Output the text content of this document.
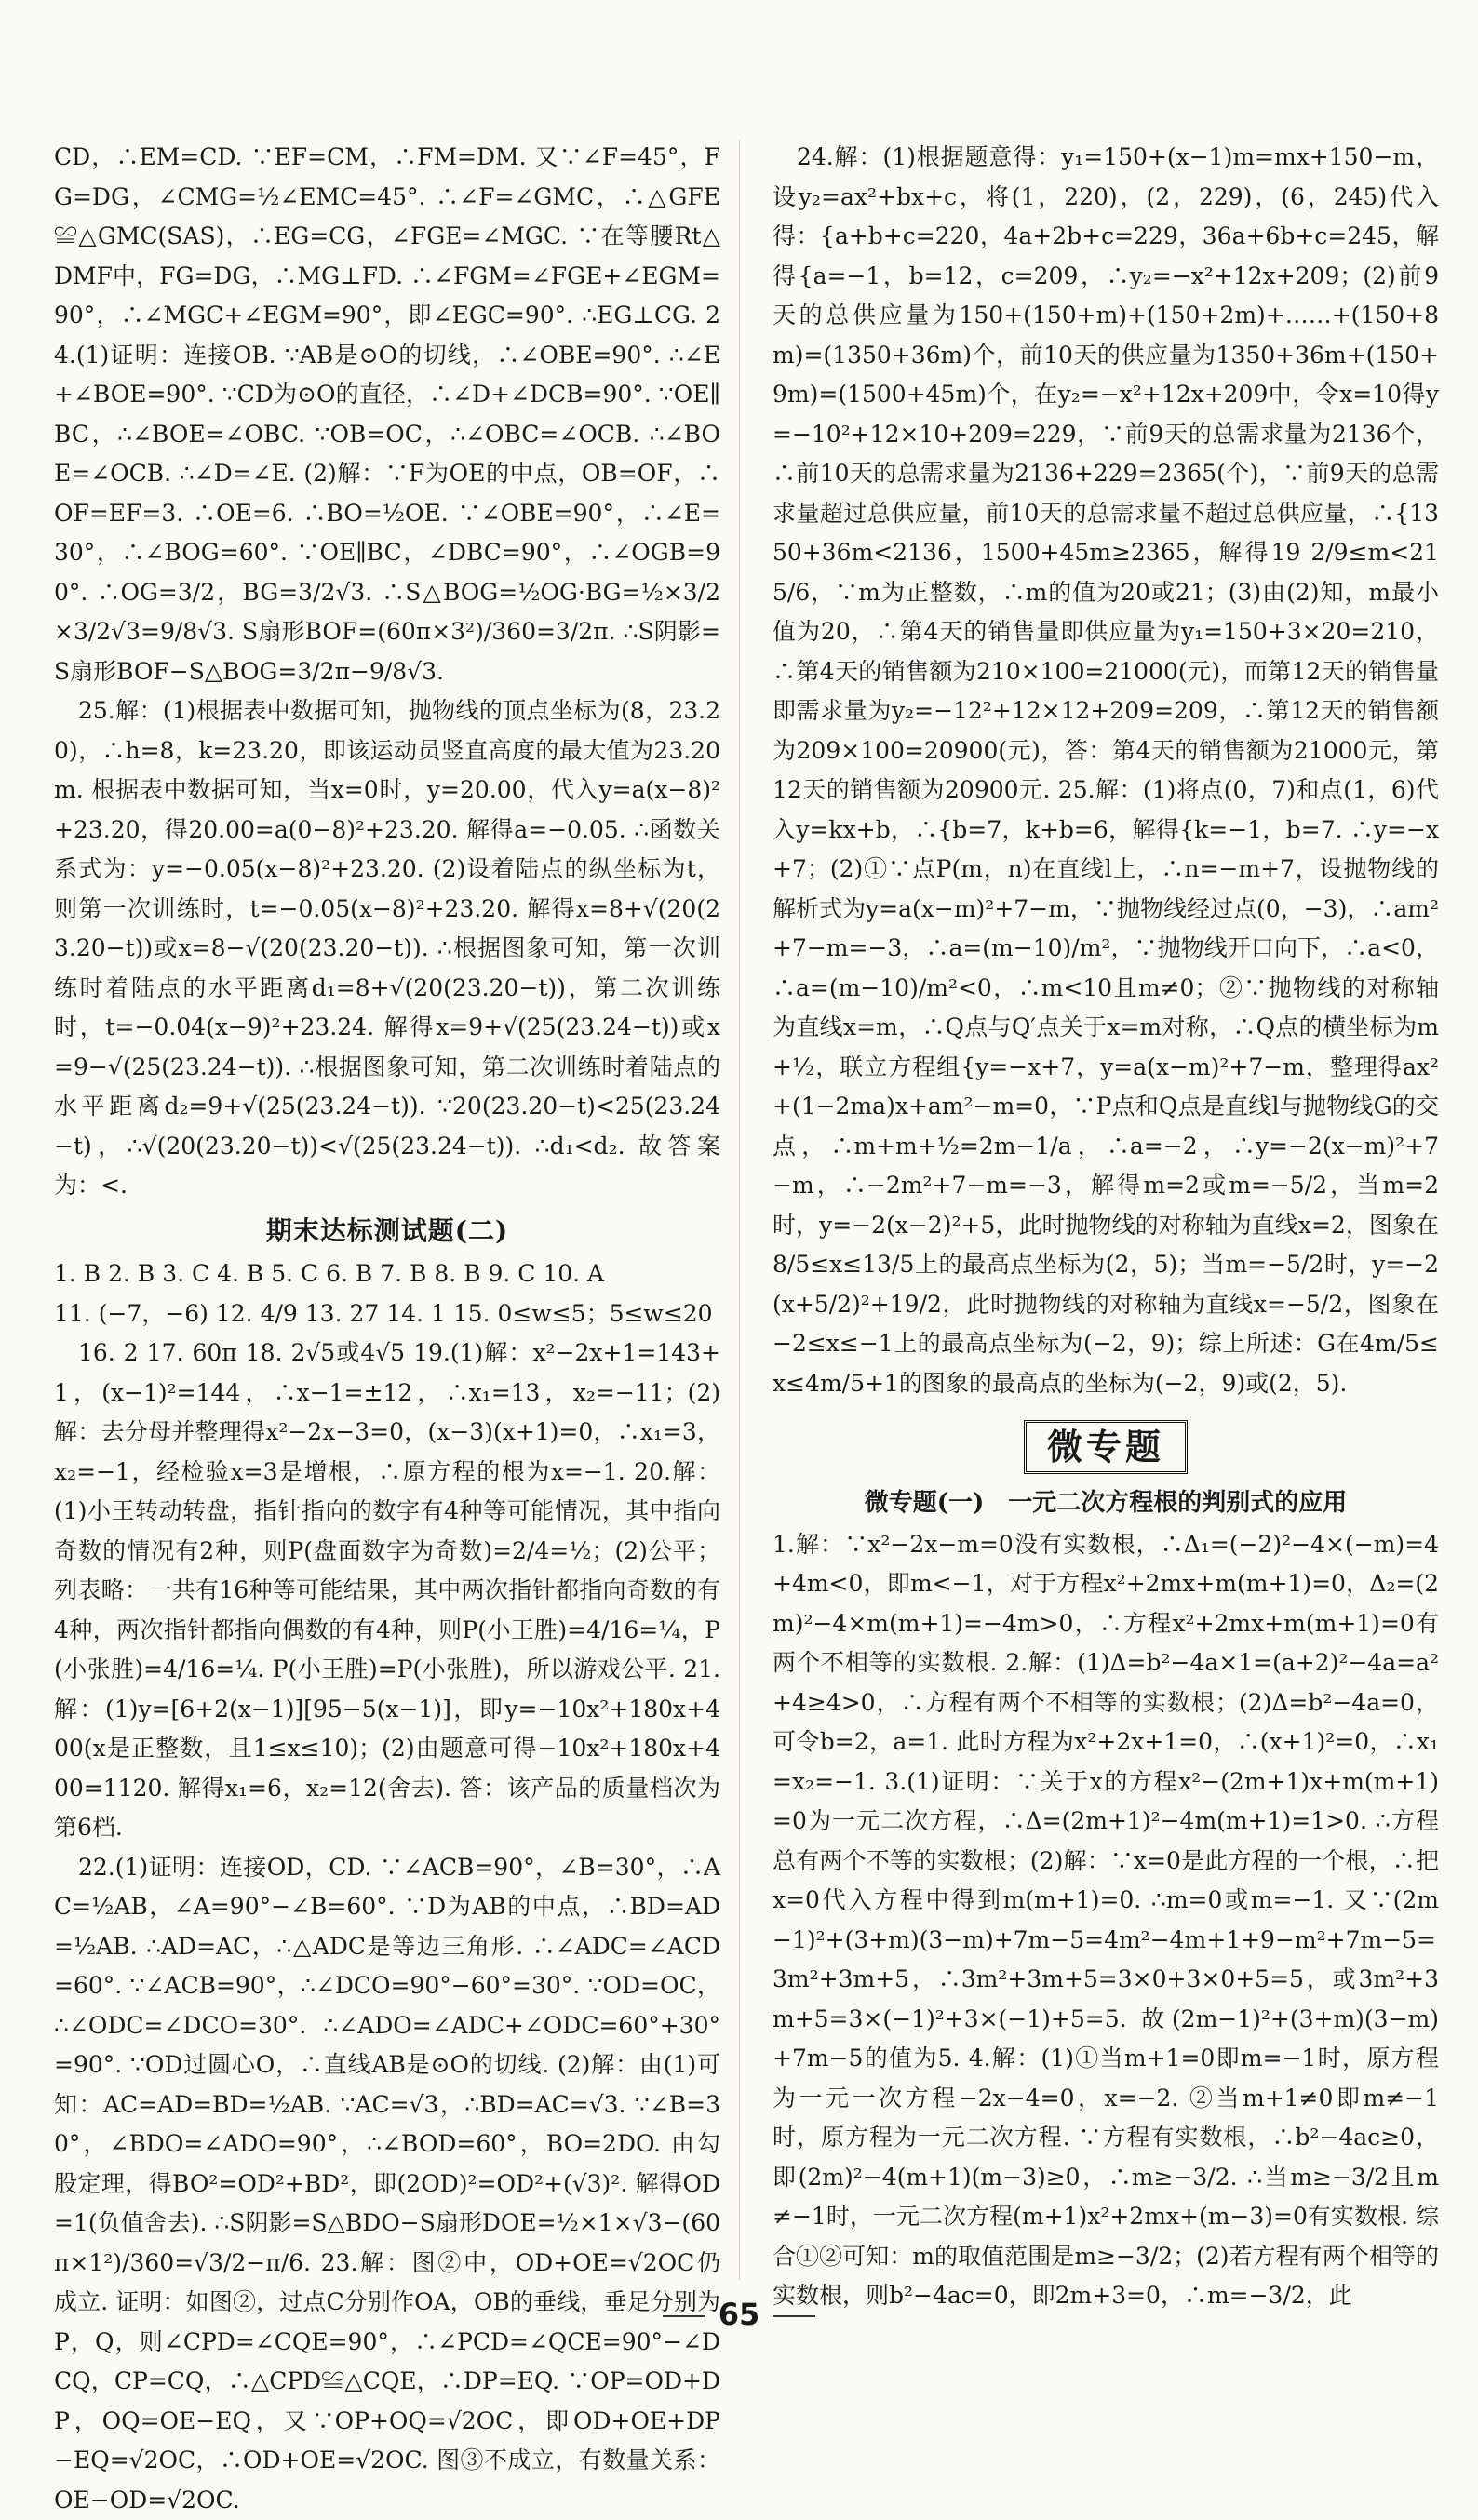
CD，∴EM=CD. ∵EF=CM，∴FM=DM. 又∵∠F=45°，FG=DG，∠CMG=½∠EMC=45°. ∴∠F=∠GMC，∴△GFE≌△GMC(SAS)，∴EG=CG，∠FGE=∠MGC. ∵在等腰Rt△DMF中，FG=DG，∴MG⊥FD. ∴∠FGM=∠FGE+∠EGM=90°，∴∠MGC+∠EGM=90°，即∠EGC=90°. ∴EG⊥CG. 24.(1)证明：连接OB. ∵AB是⊙O的切线，∴∠OBE=90°. ∴∠E+∠BOE=90°. ∵CD为⊙O的直径，∴∠D+∠DCB=90°. ∵OE∥BC，∴∠BOE=∠OBC. ∵OB=OC，∴∠OBC=∠OCB. ∴∠BOE=∠OCB. ∴∠D=∠E. (2)解：∵F为OE的中点，OB=OF，∴OF=EF=3. ∴OE=6. ∴BO=½OE. ∵∠OBE=90°，∴∠E=30°，∴∠BOG=60°. ∵OE∥BC，∠DBC=90°，∴∠OGB=90°. ∴OG=3/2，BG=3/2√3. ∴S△BOG=½OG·BG=½×3/2×3/2√3=9/8√3. S扇形BOF=(60π×3²)/360=3/2π. ∴S阴影=S扇形BOF−S△BOG=3/2π−9/8√3.

25.解：(1)根据表中数据可知，抛物线的顶点坐标为(8，23.20)，∴h=8，k=23.20，即该运动员竖直高度的最大值为23.20 m. 根据表中数据可知，当x=0时，y=20.00，代入y=a(x−8)²+23.20，得20.00=a(0−8)²+23.20. 解得a=−0.05. ∴函数关系式为：y=−0.05(x−8)²+23.20. (2)设着陆点的纵坐标为t，则第一次训练时，t=−0.05(x−8)²+23.20. 解得x=8+√(20(23.20−t))或x=8−√(20(23.20−t)). ∴根据图象可知，第一次训练时着陆点的水平距离d₁=8+√(20(23.20−t))，第二次训练时，t=−0.04(x−9)²+23.24. 解得x=9+√(25(23.24−t))或x=9−√(25(23.24−t)). ∴根据图象可知，第二次训练时着陆点的水平距离d₂=9+√(25(23.24−t)). ∵20(23.20−t)<25(23.24−t)，∴√(20(23.20−t))<√(25(23.24−t)). ∴d₁<d₂. 故答案为：<.

期末达标测试题(二)

1. B 2. B 3. C 4. B 5. C 6. B 7. B 8. B 9. C 10. A

11. (−7，−6) 12. 4/9 13. 27 14. 1 15. 0≤w≤5；5≤w≤20

16. 2 17. 60π 18. 2√5或4√5 19.(1)解：x²−2x+1=143+1，(x−1)²=144，∴x−1=±12，∴x₁=13，x₂=−11；(2)解：去分母并整理得x²−2x−3=0，(x−3)(x+1)=0，∴x₁=3，x₂=−1，经检验x=3是增根，∴原方程的根为x=−1. 20.解：(1)小王转动转盘，指针指向的数字有4种等可能情况，其中指向奇数的情况有2种，则P(盘面数字为奇数)=2/4=½；(2)公平；列表略：一共有16种等可能结果，其中两次指针都指向奇数的有4种，两次指针都指向偶数的有4种，则P(小王胜)=4/16=¼，P(小张胜)=4/16=¼. P(小王胜)=P(小张胜)，所以游戏公平. 21.解：(1)y=[6+2(x−1)][95−5(x−1)]，即y=−10x²+180x+400(x是正整数，且1≤x≤10)；(2)由题意可得−10x²+180x+400=1120. 解得x₁=6，x₂=12(舍去). 答：该产品的质量档次为第6档.

22.(1)证明：连接OD，CD. ∵∠ACB=90°，∠B=30°，∴AC=½AB，∠A=90°−∠B=60°. ∵D为AB的中点，∴BD=AD=½AB. ∴AD=AC，∴△ADC是等边三角形. ∴∠ADC=∠ACD=60°. ∵∠ACB=90°，∴∠DCO=90°−60°=30°. ∵OD=OC，∴∠ODC=∠DCO=30°. ∴∠ADO=∠ADC+∠ODC=60°+30°=90°. ∵OD过圆心O，∴直线AB是⊙O的切线. (2)解：由(1)可知：AC=AD=BD=½AB. ∵AC=√3，∴BD=AC=√3. ∵∠B=30°，∠BDO=∠ADO=90°，∴∠BOD=60°，BO=2DO. 由勾股定理，得BO²=OD²+BD²，即(2OD)²=OD²+(√3)². 解得OD=1(负值舍去). ∴S阴影=S△BDO−S扇形DOE=½×1×√3−(60π×1²)/360=√3/2−π/6. 23.解：图②中，OD+OE=√2OC仍成立. 证明：如图②，过点C分别作OA，OB的垂线，垂足分别为P，Q，则∠CPD=∠CQE=90°，∴∠PCD=∠QCE=90°−∠DCQ，CP=CQ，∴△CPD≌△CQE，∴DP=EQ. ∵OP=OD+DP，OQ=OE−EQ，又∵OP+OQ=√2OC，即OD+OE+DP−EQ=√2OC，∴OD+OE=√2OC. 图③不成立，有数量关系：OE−OD=√2OC.

24.解：(1)根据题意得：y₁=150+(x−1)m=mx+150−m，设y₂=ax²+bx+c，将(1，220)，(2，229)，(6，245)代入得：{a+b+c=220，4a+2b+c=229，36a+6b+c=245，解得{a=−1，b=12，c=209，∴y₂=−x²+12x+209；(2)前9天的总供应量为150+(150+m)+(150+2m)+……+(150+8m)=(1350+36m)个，前10天的供应量为1350+36m+(150+9m)=(1500+45m)个，在y₂=−x²+12x+209中，令x=10得y=−10²+12×10+209=229，∵前9天的总需求量为2136个，∴前10天的总需求量为2136+229=2365(个)，∵前9天的总需求量超过总供应量，前10天的总需求量不超过总供应量，∴{1350+36m<2136，1500+45m≥2365，解得19 2/9≤m<21 5/6，∵m为正整数，∴m的值为20或21；(3)由(2)知，m最小值为20，∴第4天的销售量即供应量为y₁=150+3×20=210，∴第4天的销售额为210×100=21000(元)，而第12天的销售量即需求量为y₂=−12²+12×12+209=209，∴第12天的销售额为209×100=20900(元)，答：第4天的销售额为21000元，第12天的销售额为20900元. 25.解：(1)将点(0，7)和点(1，6)代入y=kx+b，∴{b=7，k+b=6，解得{k=−1，b=7. ∴y=−x+7；(2)①∵点P(m，n)在直线l上，∴n=−m+7，设抛物线的解析式为y=a(x−m)²+7−m，∵抛物线经过点(0，−3)，∴am²+7−m=−3，∴a=(m−10)/m²，∵抛物线开口向下，∴a<0，∴a=(m−10)/m²<0，∴m<10且m≠0；②∵抛物线的对称轴为直线x=m，∴Q点与Q′点关于x=m对称，∴Q点的横坐标为m+½，联立方程组{y=−x+7，y=a(x−m)²+7−m，整理得ax²+(1−2ma)x+am²−m=0，∵P点和Q点是直线l与抛物线G的交点，∴m+m+½=2m−1/a，∴a=−2，∴y=−2(x−m)²+7−m，∴−2m²+7−m=−3，解得m=2或m=−5/2，当m=2时，y=−2(x−2)²+5，此时抛物线的对称轴为直线x=2，图象在8/5≤x≤13/5上的最高点坐标为(2，5)；当m=−5/2时，y=−2(x+5/2)²+19/2，此时抛物线的对称轴为直线x=−5/2，图象在−2≤x≤−1上的最高点坐标为(−2，9)；综上所述：G在4m/5≤x≤4m/5+1的图象的最高点的坐标为(−2，9)或(2，5).

微专题
微专题(一)　一元二次方程根的判别式的应用

1.解：∵x²−2x−m=0没有实数根，∴Δ₁=(−2)²−4×(−m)=4+4m<0，即m<−1，对于方程x²+2mx+m(m+1)=0，Δ₂=(2m)²−4×m(m+1)=−4m>0，∴方程x²+2mx+m(m+1)=0有两个不相等的实数根. 2.解：(1)Δ=b²−4a×1=(a+2)²−4a=a²+4≥4>0，∴方程有两个不相等的实数根；(2)Δ=b²−4a=0，可令b=2，a=1. 此时方程为x²+2x+1=0，∴(x+1)²=0，∴x₁=x₂=−1. 3.(1)证明：∵关于x的方程x²−(2m+1)x+m(m+1)=0为一元二次方程，∴Δ=(2m+1)²−4m(m+1)=1>0. ∴方程总有两个不等的实数根；(2)解：∵x=0是此方程的一个根，∴把x=0代入方程中得到m(m+1)=0. ∴m=0或m=−1. 又∵(2m−1)²+(3+m)(3−m)+7m−5=4m²−4m+1+9−m²+7m−5=3m²+3m+5，∴3m²+3m+5=3×0+3×0+5=5，或3m²+3m+5=3×(−1)²+3×(−1)+5=5. 故(2m−1)²+(3+m)(3−m)+7m−5的值为5. 4.解：(1)①当m+1=0即m=−1时，原方程为一元一次方程−2x−4=0，x=−2. ②当m+1≠0即m≠−1时，原方程为一元二次方程. ∵方程有实数根，∴b²−4ac≥0，即(2m)²−4(m+1)(m−3)≥0，∴m≥−3/2. ∴当m≥−3/2且m≠−1时，一元二次方程(m+1)x²+2mx+(m−3)=0有实数根. 综合①②可知：m的取值范围是m≥−3/2；(2)若方程有两个相等的实数根，则b²−4ac=0，即2m+3=0，∴m=−3/2，此

65
